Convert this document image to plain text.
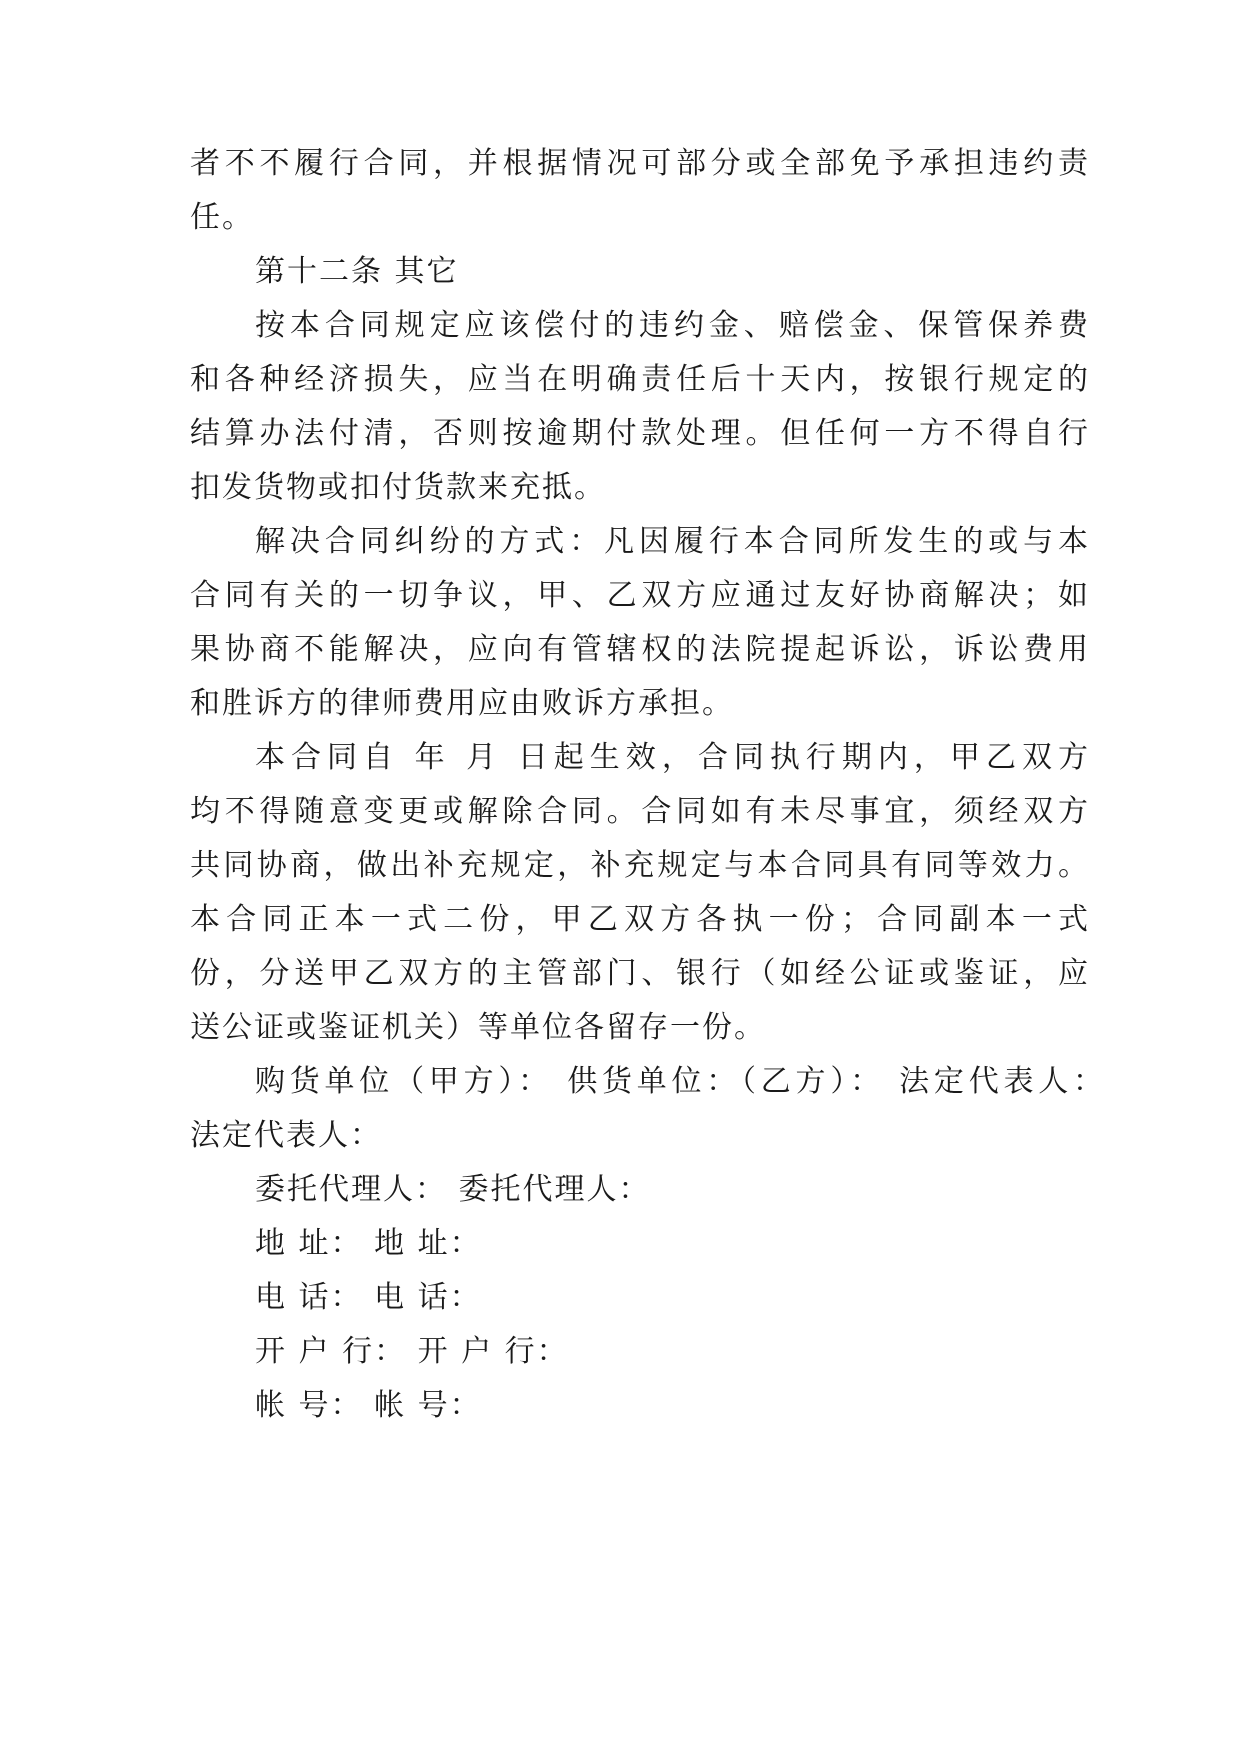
者不不履行合同，并根据情况可部分或全部免予承担违约责
任。
第十二条 其它
按本合同规定应该偿付的违约金、赔偿金、保管保养费
和各种经济损失，应当在明确责任后十天内，按银行规定的
结算办法付清，否则按逾期付款处理。但任何一方不得自行
扣发货物或扣付货款来充抵。
解决合同纠纷的方式：凡因履行本合同所发生的或与本
合同有关的一切争议，甲、乙双方应通过友好协商解决；如
果协商不能解决，应向有管辖权的法院提起诉讼，诉讼费用
和胜诉方的律师费用应由败诉方承担。
本合同自 年 月 日起生效，合同执行期内，甲乙双方
均不得随意变更或解除合同。合同如有未尽事宜，须经双方
共同协商，做出补充规定，补充规定与本合同具有同等效力。
本合同正本一式二份，甲乙双方各执一份；合同副本一式
份，分送甲乙双方的主管部门、银行（如经公证或鉴证，应
送公证或鉴证机关）等单位各留存一份。
购货单位（甲方）： 供货单位：（乙方）： 法定代表人：
法定代表人：
委托代理人： 委托代理人：
地 址： 地 址：
电 话： 电 话：
开 户 行： 开 户 行：
帐 号： 帐 号：
